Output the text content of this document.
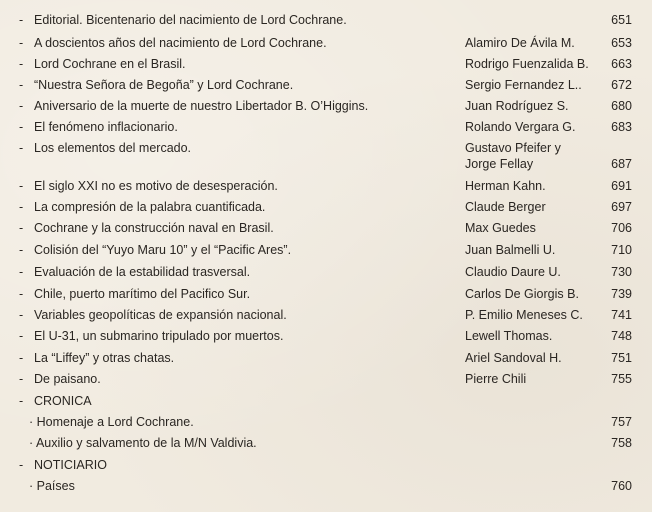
- Editorial. Bicentenario del nacimiento de Lord Cochrane.	651
- A doscientos años del nacimiento de Lord Cochrane.	Alamiro De Ávila M.	653
- Lord Cochrane en el Brasil.	Rodrigo Fuenzalida B. 663
- “Nuestra Señora de Begoña” y Lord Cochrane.	Sergio Fernandez L.. 672
- Aniversario de la muerte de nuestro Libertador B. O’Higgins.	Juan Rodríguez S.	680
- El fenómeno inflacionario.	Rolando Vergara G.	683
- Los elementos del mercado.	Gustavo Pfeifer y
Jorge Fellay	687
- El siglo XXI no es motivo de desesperación.	Herman Kahn.	691
- La compresión de la palabra cuantificada.	Claude Berger	697
- Cochrane y la construcción naval en Brasil.	Max Guedes	706
- Colisión del “Yuyo Maru 10” y el “Pacific Ares”.	Juan Balmelli U.	710
- Evaluación de la estabilidad trasversal.	Claudio Daure U.	730
- Chile, puerto marítimo del Pacifico Sur.	Carlos De Giorgis B.	739
- Variables geopolíticas de expansión nacional.	P. Emilio Meneses C. 741
- El U-31, un submarino tripulado por muertos.	Lewell Thomas.	748
- La “Liffey” y otras chatas.	Ariel Sandoval H.	751
- De paisano.	Pierre Chili	755
- CRONICA
· Homenaje a Lord Cochrane.	757
· Auxilio y salvamento de la M/N Valdivia.	758
- NOTICIARIO
· Países	760
